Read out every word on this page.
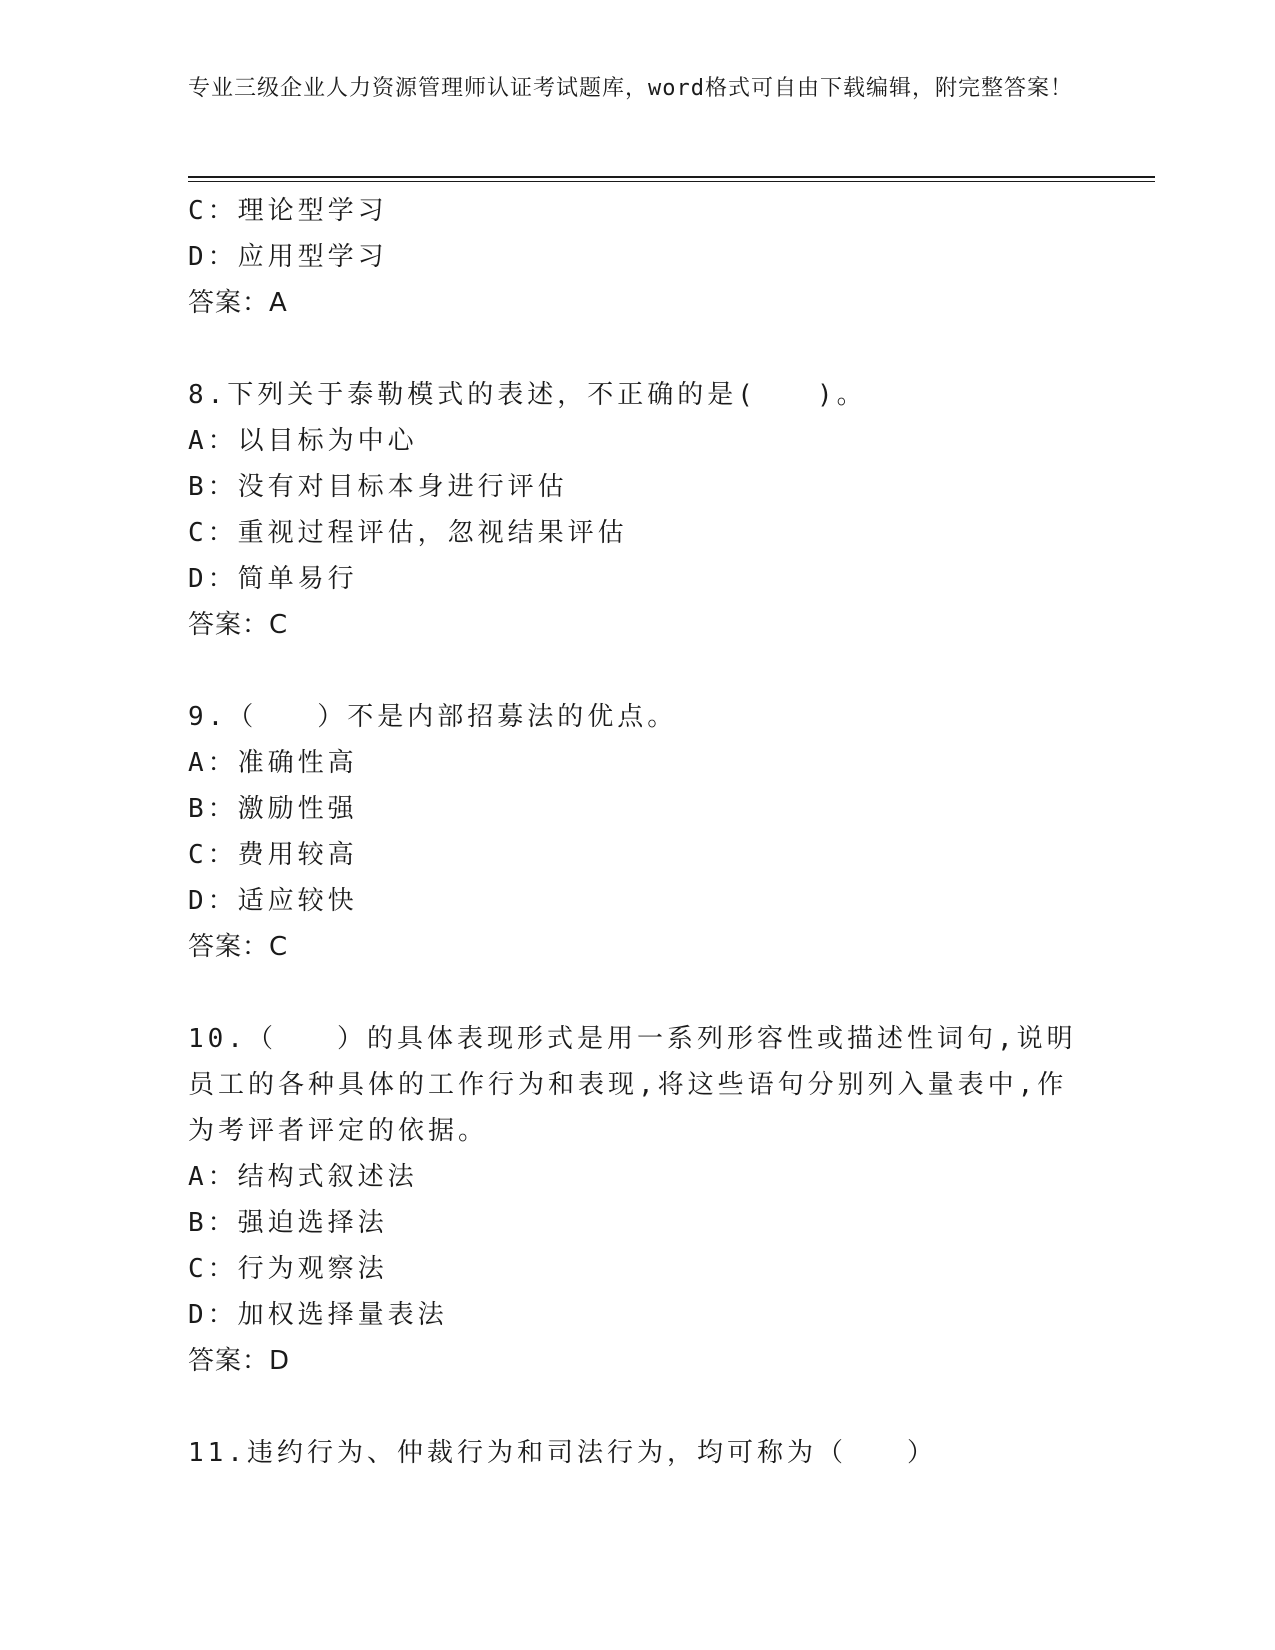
专业三级企业人力资源管理师认证考试题库，word格式可自由下载编辑，附完整答案！
C：理论型学习
D：应用型学习
答案：A
8.下列关于泰勒模式的表述，不正确的是(　　)。
A：以目标为中心
B：没有对目标本身进行评估
C：重视过程评估，忽视结果评估
D：简单易行
答案：C
9.（　　）不是内部招募法的优点。
A：准确性高
B：激励性强
C：费用较高
D：适应较快
答案：C
10.（　　）的具体表现形式是用一系列形容性或描述性词句,说明员工的各种具体的工作行为和表现,将这些语句分别列入量表中,作为考评者评定的依据。
A：结构式叙述法
B：强迫选择法
C：行为观察法
D：加权选择量表法
答案：D
11.违约行为、仲裁行为和司法行为，均可称为（　　）
